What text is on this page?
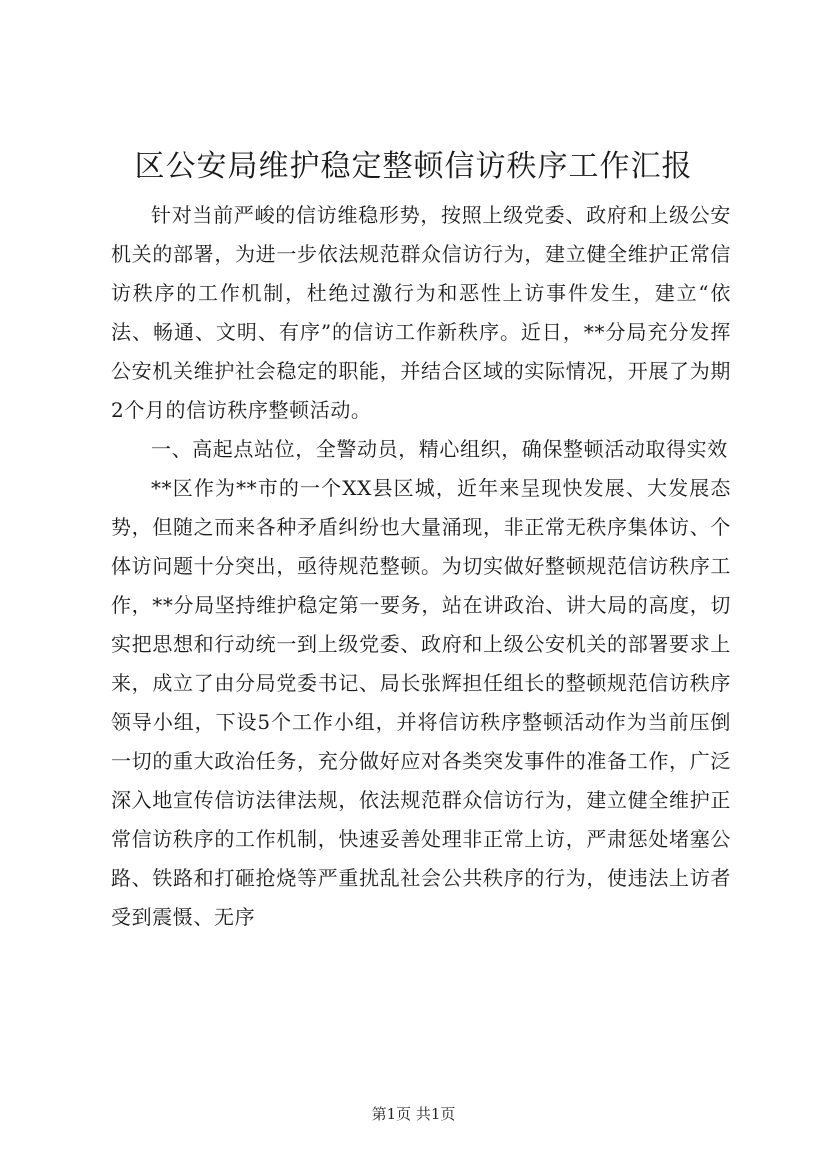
区公安局维护稳定整顿信访秩序工作汇报

针对当前严峻的信访维稳形势，按照上级党委、政府和上级公安机关的部署，为进一步依法规范群众信访行为，建立健全维护正常信访秩序的工作机制，杜绝过激行为和恶性上访事件发生，建立“依法、畅通、文明、有序”的信访工作新秩序。近日，**分局充分发挥公安机关维护社会稳定的职能，并结合区域的实际情况，开展了为期2个月的信访秩序整顿活动。

一、高起点站位，全警动员，精心组织，确保整顿活动取得实效

**区作为**市的一个XX县区城，近年来呈现快发展、大发展态势，但随之而来各种矛盾纠纷也大量涌现，非正常无秩序集体访、个体访问题十分突出，亟待规范整顿。为切实做好整顿规范信访秩序工作，**分局坚持维护稳定第一要务，站在讲政治、讲大局的高度，切实把思想和行动统一到上级党委、政府和上级公安机关的部署要求上来，成立了由分局党委书记、局长张辉担任组长的整顿规范信访秩序领导小组，下设5个工作小组，并将信访秩序整顿活动作为当前压倒一切的重大政治任务，充分做好应对各类突发事件的准备工作，广泛深入地宣传信访法律法规，依法规范群众信访行为，建立健全维护正常信访秩序的工作机制，快速妥善处理非正常上访，严肃惩处堵塞公路、铁路和打砸抢烧等严重扰乱社会公共秩序的行为，使违法上访者受到震慑、无序

第1页 共1页
